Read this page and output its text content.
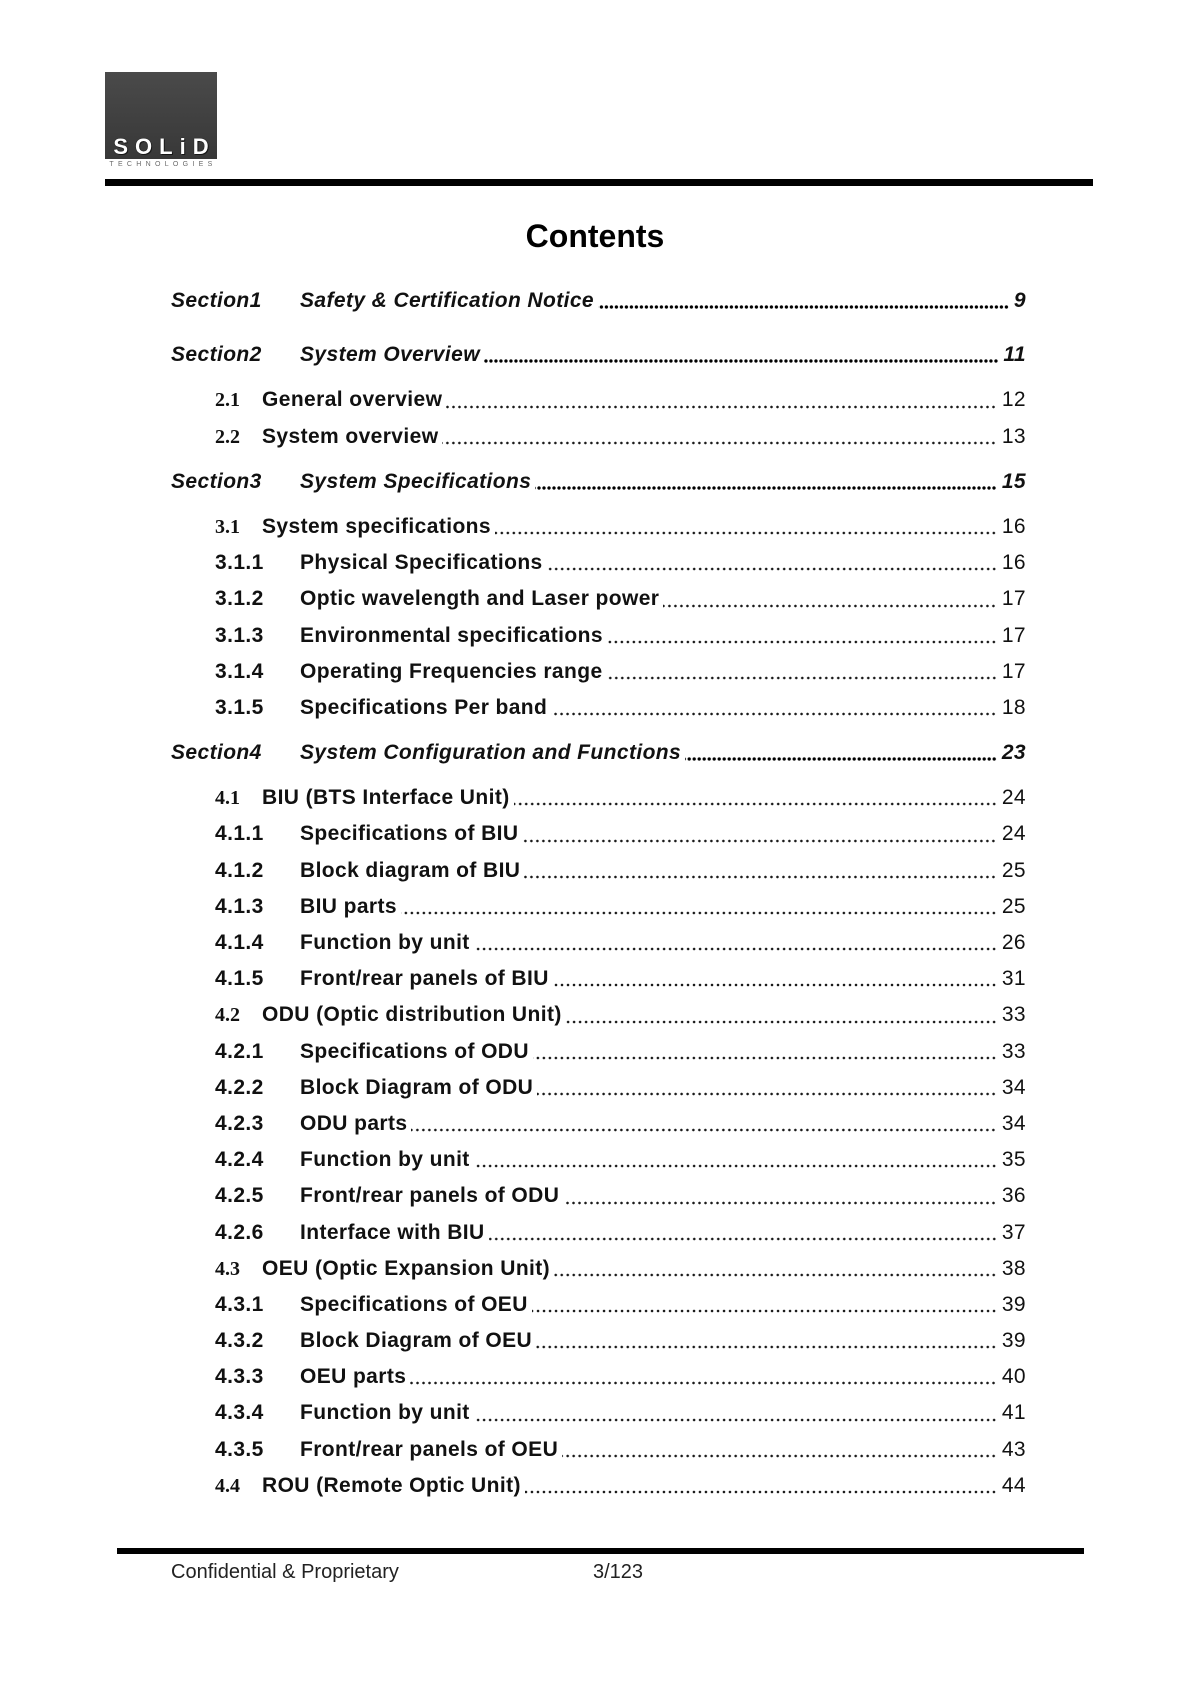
SOLiD
TECHNOLOGIES
Contents
Section1	Safety & Certification Notice	9
Section2	System Overview	11
2.1	General overview	12
2.2	System overview	13
Section3	System Specifications	15
3.1	System specifications	16
3.1.1	Physical Specifications	16
3.1.2	Optic wavelength and Laser power	17
3.1.3	Environmental specifications	17
3.1.4	Operating Frequencies range	17
3.1.5	Specifications Per band	18
Section4	System Configuration and Functions	23
4.1	BIU (BTS Interface Unit)	24
4.1.1	Specifications of BIU	24
4.1.2	Block diagram of BIU	25
4.1.3	BIU parts	25
4.1.4	Function by unit	26
4.1.5	Front/rear panels of BIU	31
4.2	ODU (Optic distribution Unit)	33
4.2.1	Specifications of ODU	33
4.2.2	Block Diagram of ODU	34
4.2.3	ODU parts	34
4.2.4	Function by unit	35
4.2.5	Front/rear panels of ODU	36
4.2.6	Interface with BIU	37
4.3	OEU (Optic Expansion Unit)	38
4.3.1	Specifications of OEU	39
4.3.2	Block Diagram of OEU	39
4.3.3	OEU parts	40
4.3.4	Function by unit	41
4.3.5	Front/rear panels of OEU	43
4.4	ROU (Remote Optic Unit)	44
Confidential & Proprietary	3/123
